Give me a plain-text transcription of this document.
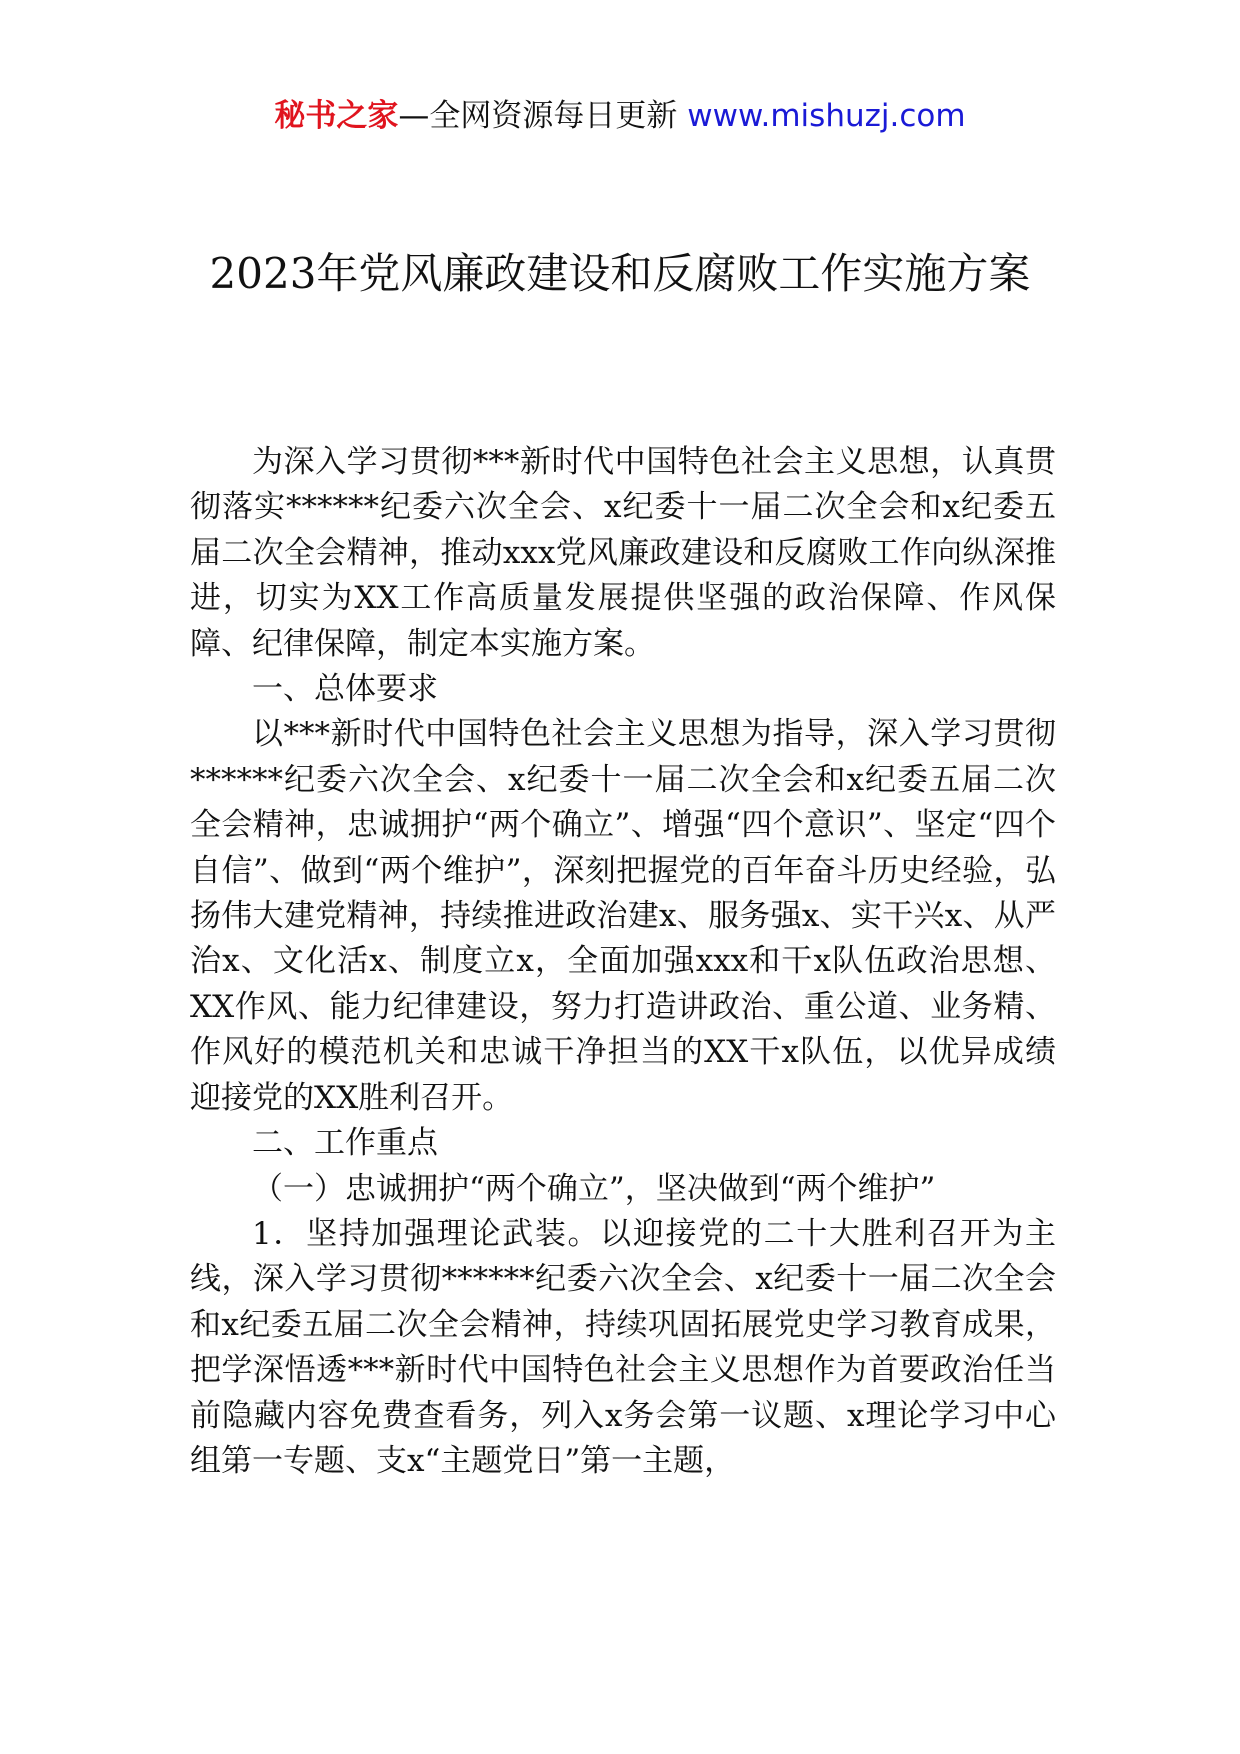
秘书之家—全网资源每日更新 www.mishuzj.com
2023年党风廉政建设和反腐败工作实施方案

为深入学习贯彻***新时代中国特色社会主义思想，认真贯彻落实******纪委六次全会、x纪委十一届二次全会和x纪委五届二次全会精神，推动xxx党风廉政建设和反腐败工作向纵深推进，切实为XX工作高质量发展提供坚强的政治保障、作风保障、纪律保障，制定本实施方案。

一、总体要求

以***新时代中国特色社会主义思想为指导，深入学习贯彻******纪委六次全会、x纪委十一届二次全会和x纪委五届二次全会精神，忠诚拥护“两个确立”、增强“四个意识”、坚定“四个自信”、做到“两个维护”，深刻把握党的百年奋斗历史经验，弘扬伟大建党精神，持续推进政治建x、服务强x、实干兴x、从严治x、文化活x、制度立x，全面加强xxx和干x队伍政治思想、XX作风、能力纪律建设，努力打造讲政治、重公道、业务精、作风好的模范机关和忠诚干净担当的XX干x队伍，以优异成绩迎接党的XX胜利召开。

二、工作重点

（一）忠诚拥护“两个确立”，坚决做到“两个维护”

1．坚持加强理论武装。以迎接党的二十大胜利召开为主线，深入学习贯彻******纪委六次全会、x纪委十一届二次全会和x纪委五届二次全会精神，持续巩固拓展党史学习教育成果，把学深悟透***新时代中国特色社会主义思想作为首要政治任当前隐藏内容免费查看务，列入x务会第一议题、x理论学习中心组第一专题、支x“主题党日”第一主题，
